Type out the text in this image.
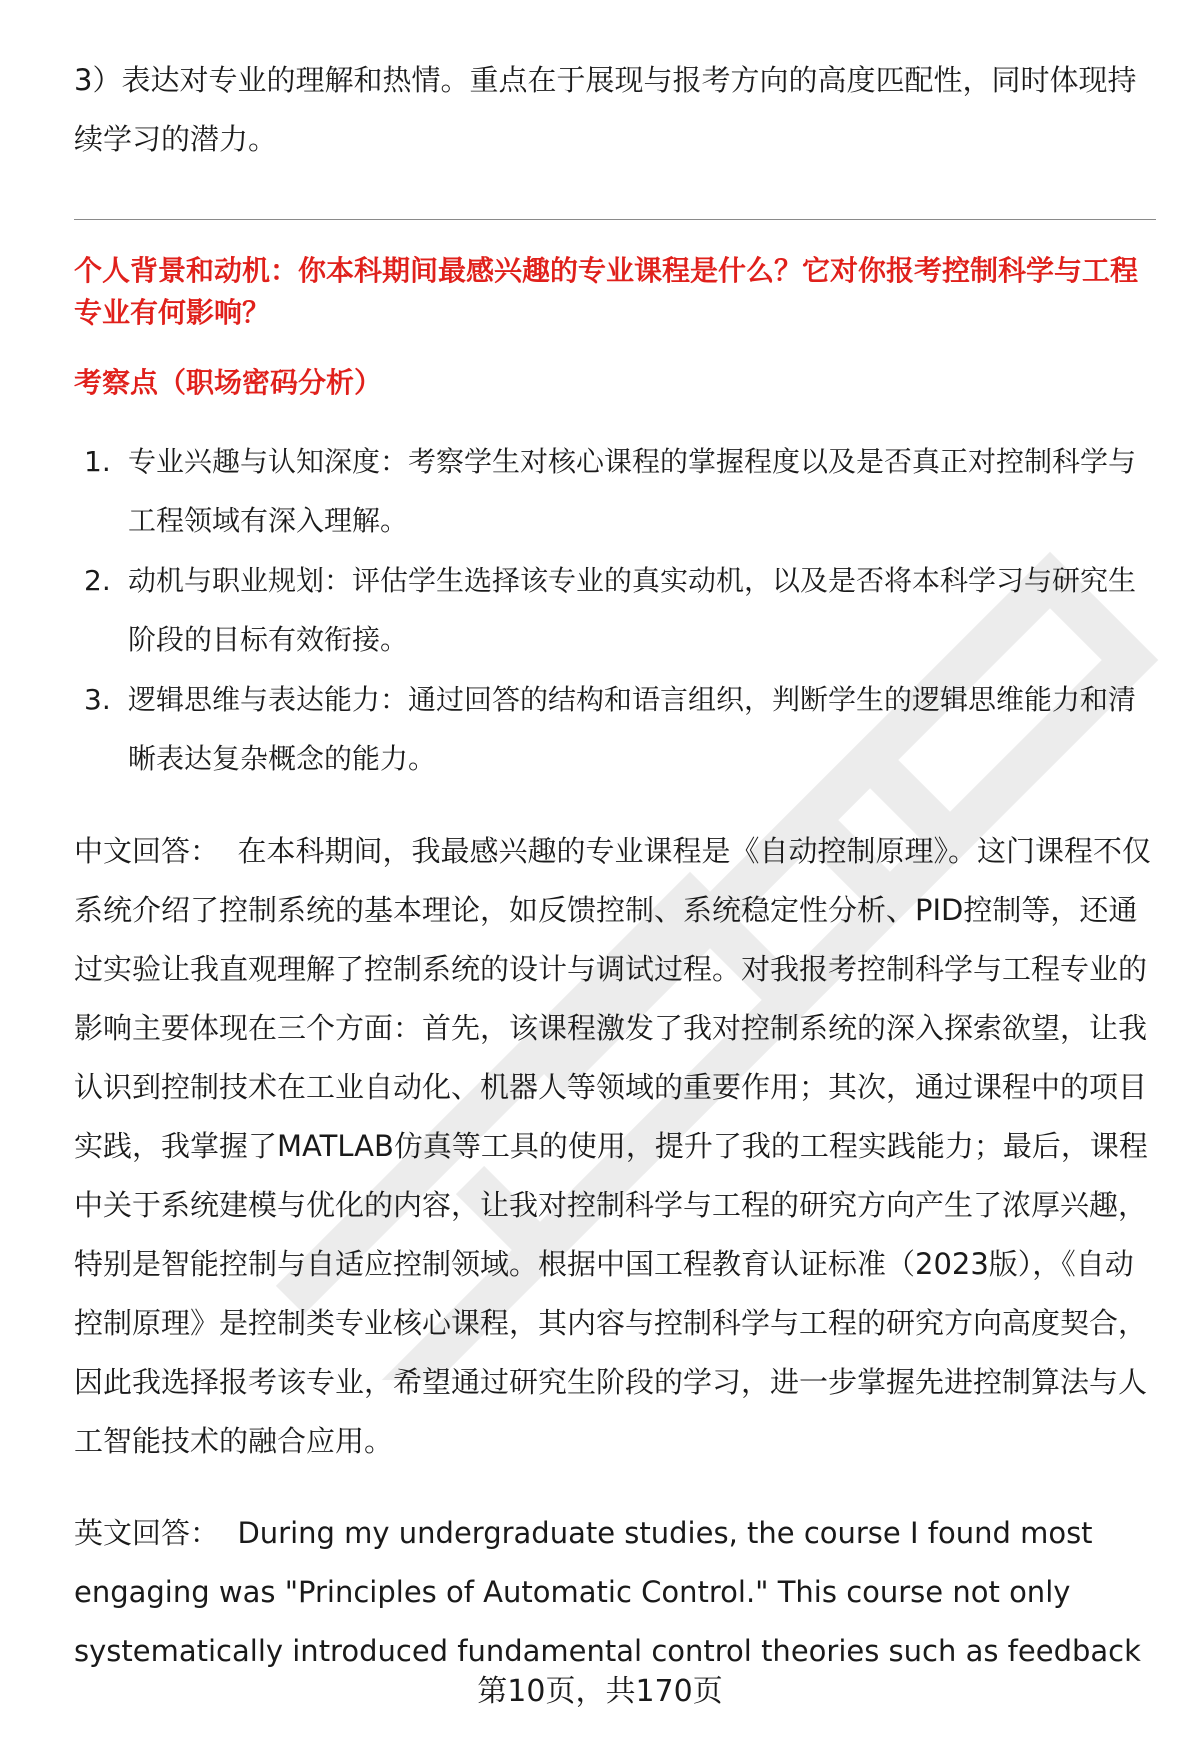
3）表达对专业的理解和热情。重点在于展现与报考方向的高度匹配性，同时体现持续学习的潜力。

个人背景和动机：你本科期间最感兴趣的专业课程是什么？它对你报考控制科学与工程专业有何影响？

考察点（职场密码分析）

1. 专业兴趣与认知深度：考察学生对核心课程的掌握程度以及是否真正对控制科学与工程领域有深入理解。
2. 动机与职业规划：评估学生选择该专业的真实动机，以及是否将本科学习与研究生阶段的目标有效衔接。
3. 逻辑思维与表达能力：通过回答的结构和语言组织，判断学生的逻辑思维能力和清晰表达复杂概念的能力。

中文回答： 在本科期间，我最感兴趣的专业课程是《自动控制原理》。这门课程不仅系统介绍了控制系统的基本理论，如反馈控制、系统稳定性分析、PID控制等，还通过实验让我直观理解了控制系统的设计与调试过程。对我报考控制科学与工程专业的影响主要体现在三个方面：首先，该课程激发了我对控制系统的深入探索欲望，让我认识到控制技术在工业自动化、机器人等领域的重要作用；其次，通过课程中的项目实践，我掌握了MATLAB仿真等工具的使用，提升了我的工程实践能力；最后，课程中关于系统建模与优化的内容，让我对控制科学与工程的研究方向产生了浓厚兴趣，特别是智能控制与自适应控制领域。根据中国工程教育认证标准（2023版），《自动控制原理》是控制类专业核心课程，其内容与控制科学与工程的研究方向高度契合，因此我选择报考该专业，希望通过研究生阶段的学习，进一步掌握先进控制算法与人工智能技术的融合应用。

英文回答： During my undergraduate studies, the course I found most engaging was "Principles of Automatic Control." This course not only systematically introduced fundamental control theories such as feedback

第10页，共170页
